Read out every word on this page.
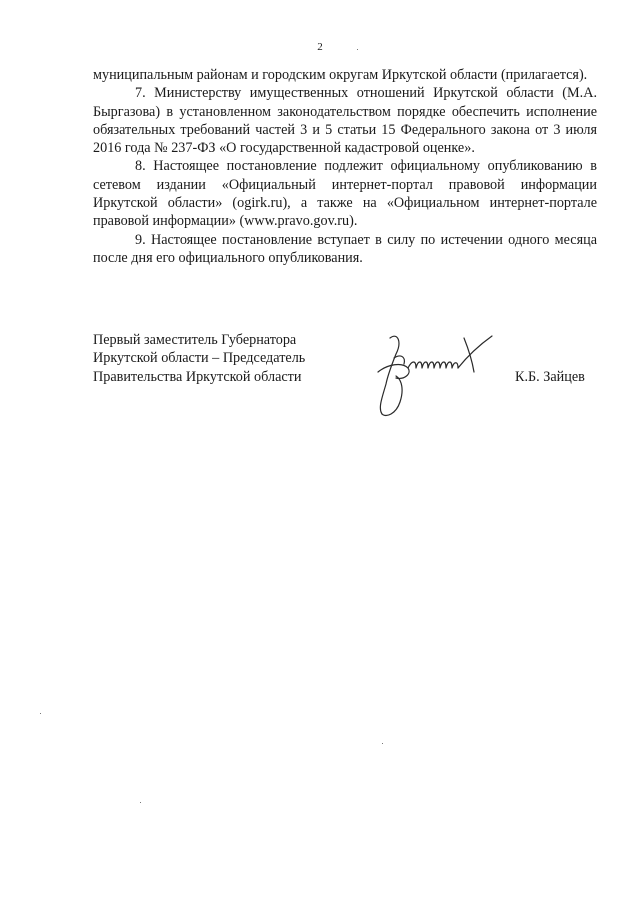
2

муниципальным районам и городским округам Иркутской области (прилагается).

7. Министерству имущественных отношений Иркутской области (М.А. Быргазова) в установленном законодательством порядке обеспечить исполнение обязательных требований частей 3 и 5 статьи 15 Федерального закона от 3 июля 2016 года № 237-ФЗ «О государственной кадастровой оценке».

8. Настоящее постановление подлежит официальному опубликованию в сетевом издании «Официальный интернет-портал правовой информации Иркутской области» (ogirk.ru), а также на «Официальном интернет-портале правовой информации» (www.pravo.gov.ru).

9. Настоящее постановление вступает в силу по истечении одного месяца после дня его официального опубликования.

Первый заместитель Губернатора
Иркутской области – Председатель
Правительства Иркутской области	К.Б. Зайцев
